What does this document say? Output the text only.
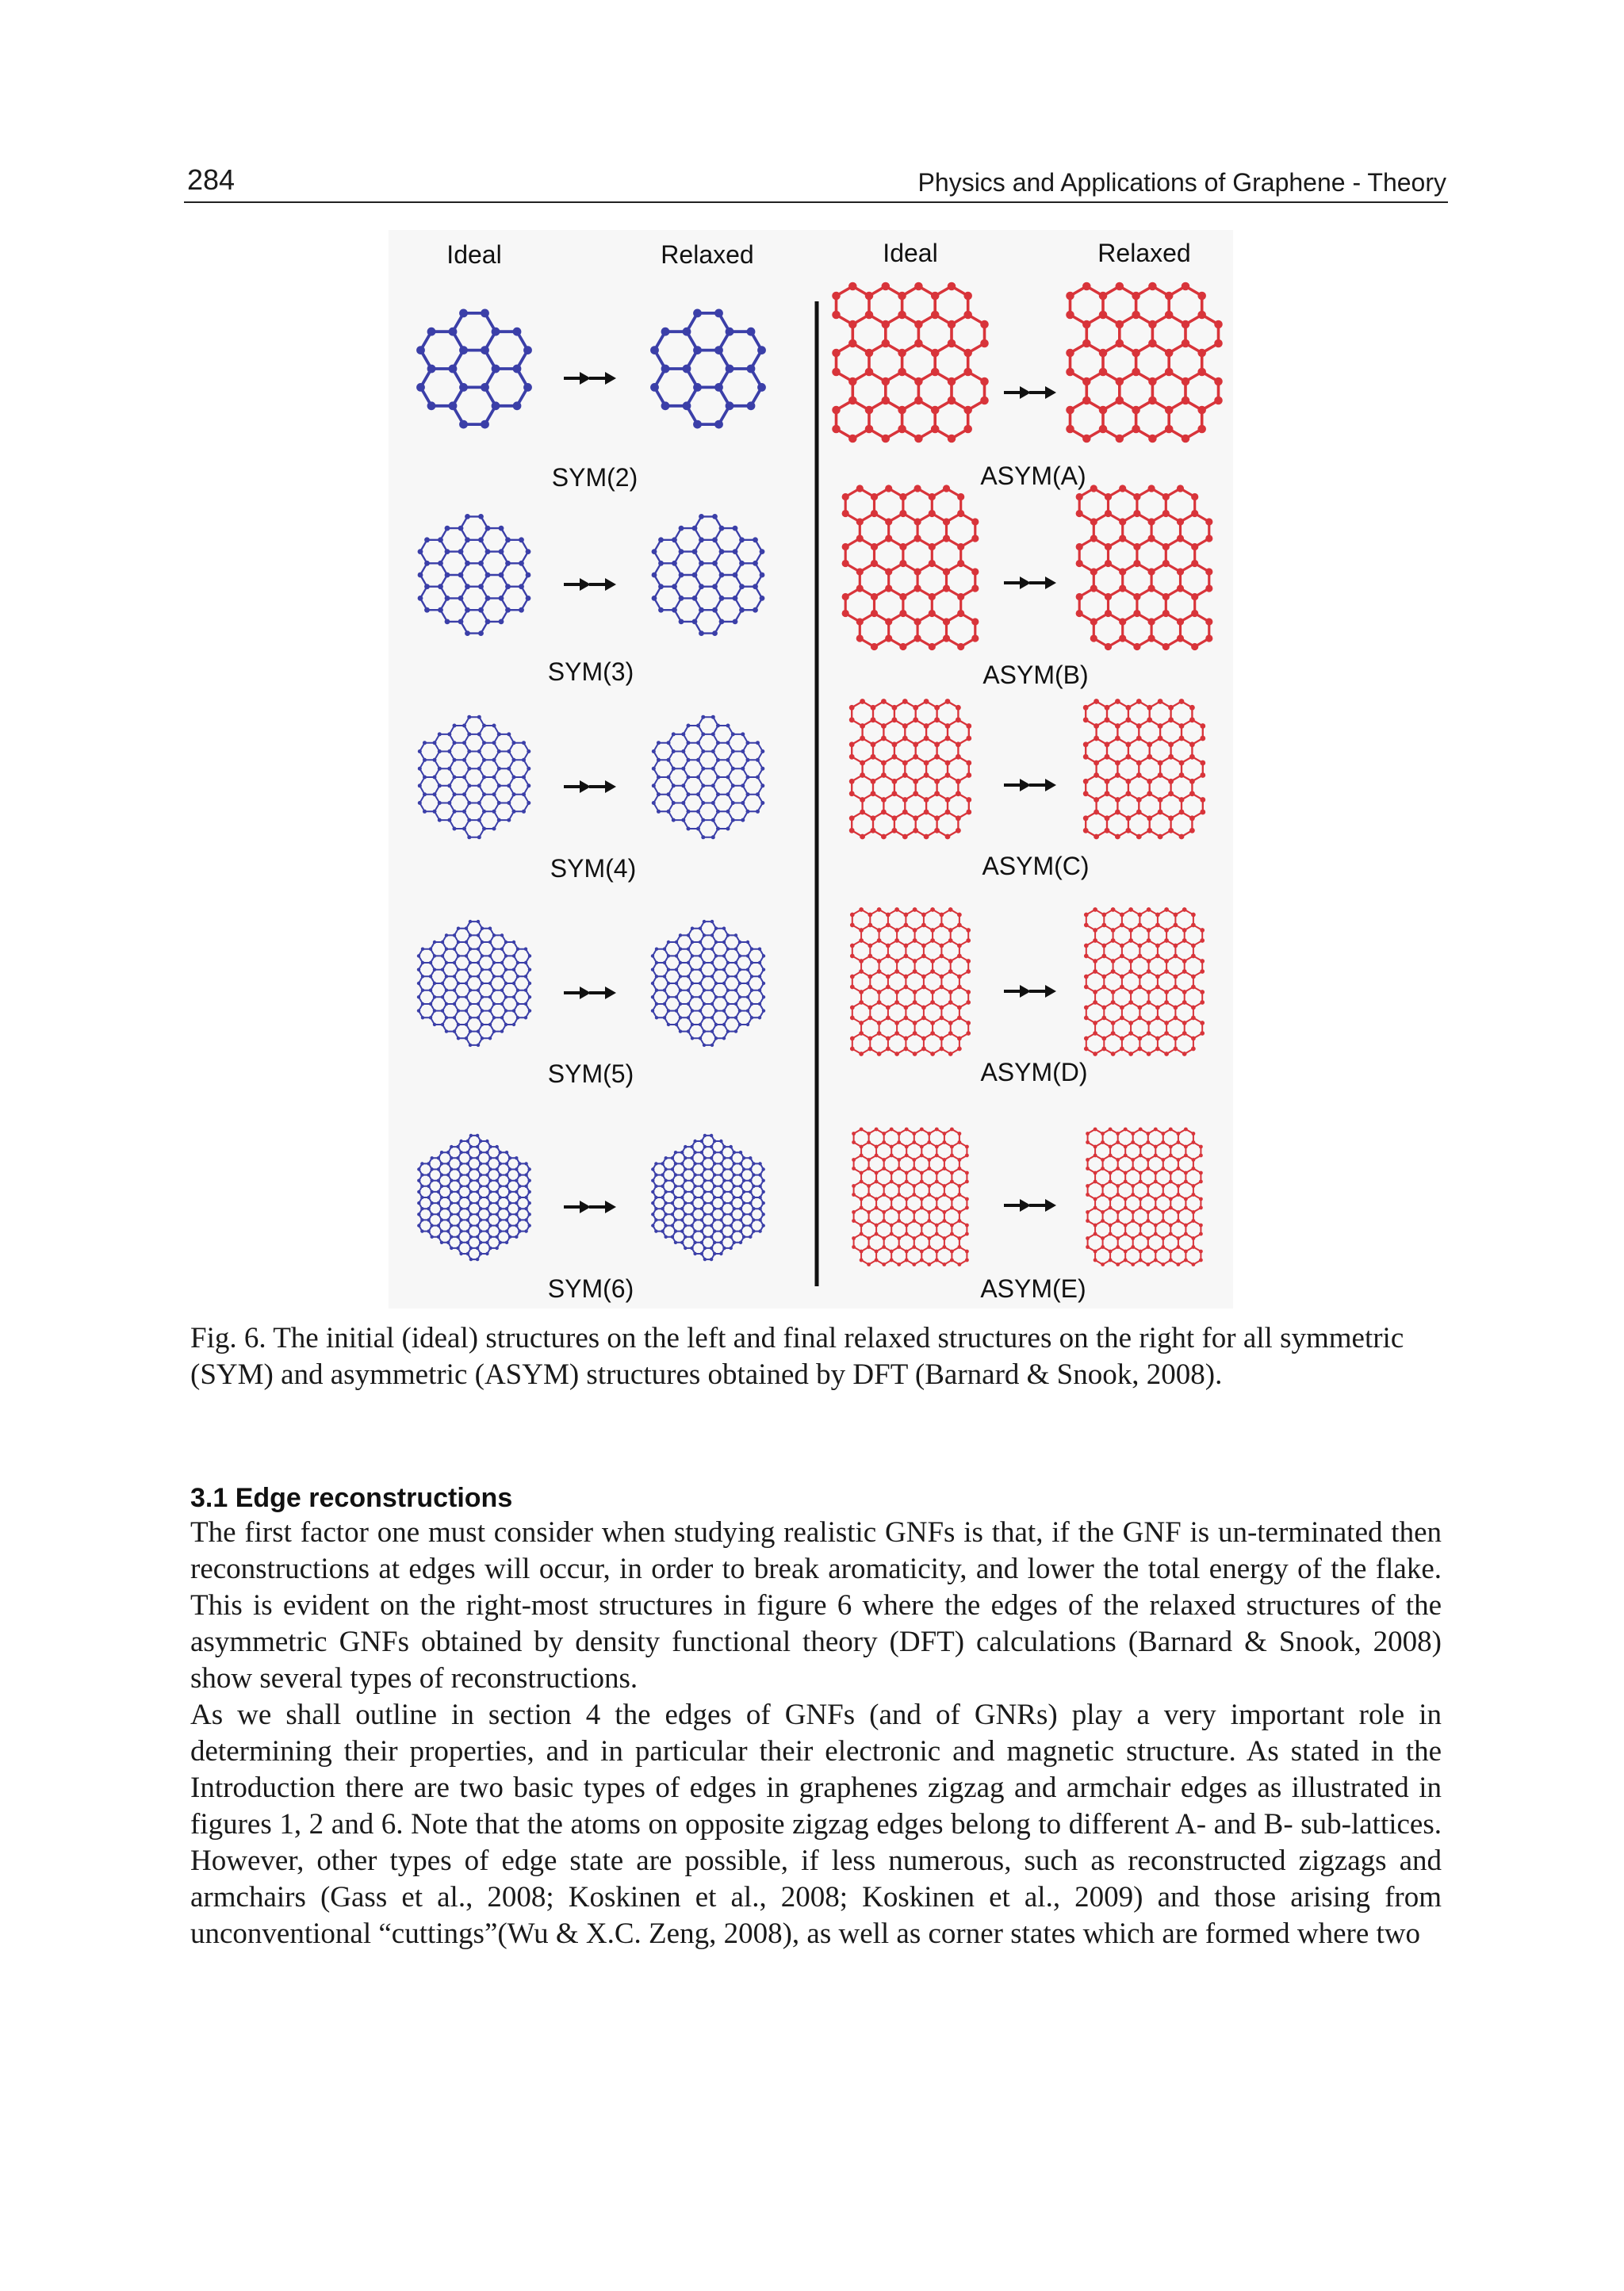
284	Physics and Applications of Graphene - Theory
Ideal	Relaxed	Ideal	Relaxed
SYM(2)
SYM(3)
SYM(4)
SYM(5)
SYM(6)
ASYM(A)
ASYM(B)
ASYM(C)
ASYM(D)
ASYM(E)
Fig. 6. The initial (ideal) structures on the left and final relaxed structures on the right for all symmetric (SYM) and asymmetric (ASYM) structures obtained by DFT (Barnard & Snook, 2008).
3.1 Edge reconstructions

The first factor one must consider when studying realistic GNFs is that, if the GNF is un-terminated then reconstructions at edges will occur, in order to break aromaticity, and lower the total energy of the flake. This is evident on the right-most structures in figure 6 where the edges of the relaxed structures of the asymmetric GNFs obtained by density functional theory (DFT) calculations (Barnard & Snook, 2008) show several types of reconstructions.

As we shall outline in section 4 the edges of GNFs (and of GNRs) play a very important role in determining their properties, and in particular their electronic and magnetic structure. As stated in the Introduction there are two basic types of edges in graphenes zigzag and armchair edges as illustrated in figures 1, 2 and 6. Note that the atoms on opposite zigzag edges belong to different A- and B- sub-lattices. However, other types of edge state are possible, if less numerous, such as reconstructed zigzags and armchairs (Gass et al., 2008; Koskinen et al., 2008; Koskinen et al., 2009) and those arising from unconventional “cuttings”(Wu & X.C. Zeng, 2008), as well as corner states which are formed where two
